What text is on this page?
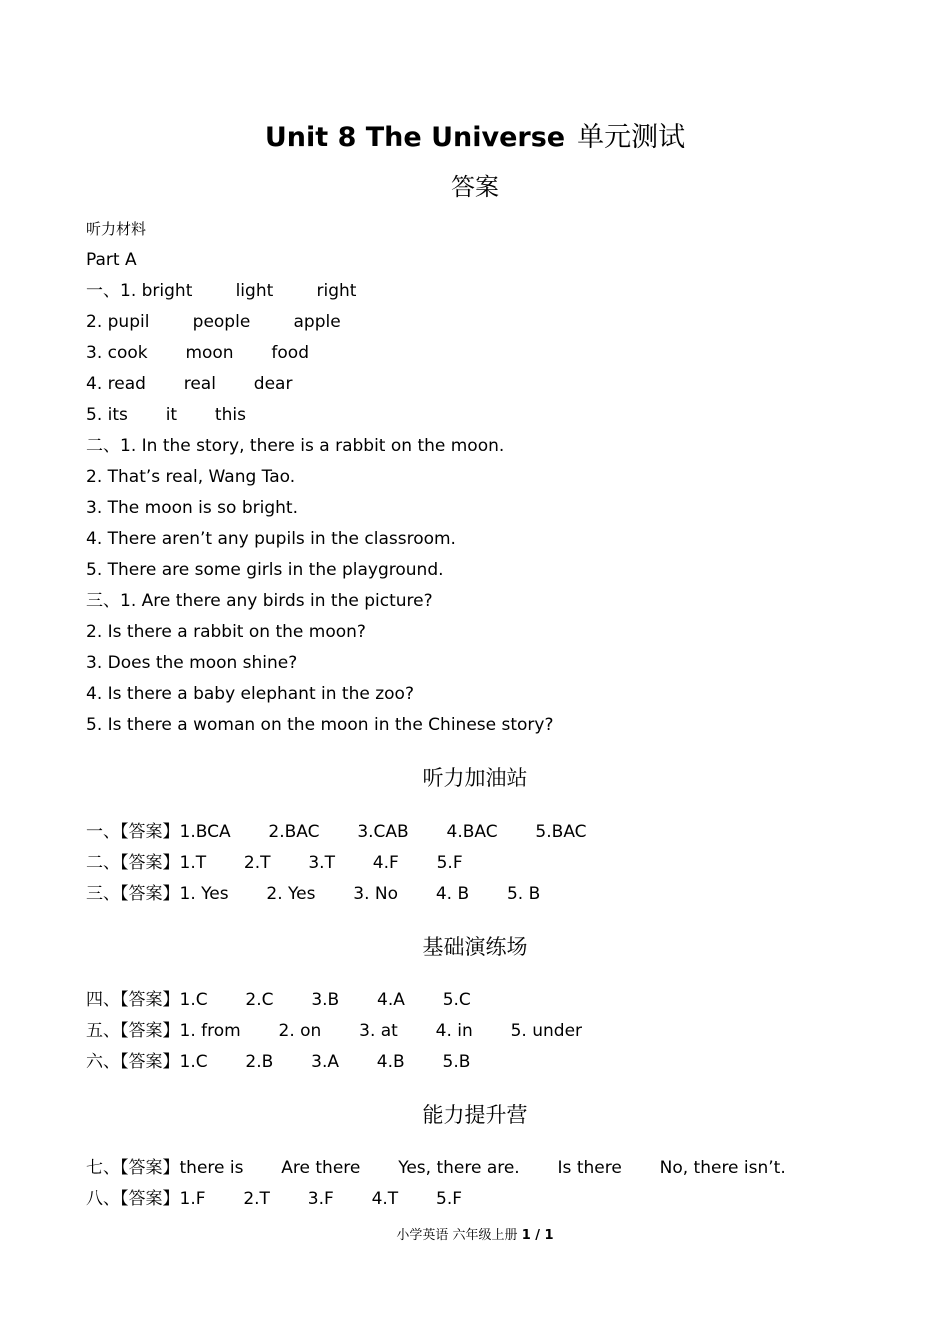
Unit 8 The Universe 单元测试
答案
听力材料
Part A
一、1. bright        light        right
2. pupil        people        apple
3. cook       moon       food
4. read       real       dear
5. its       it       this
二、1. In the story, there is a rabbit on the moon.
2. That’s real, Wang Tao.
3. The moon is so bright.
4. There aren’t any pupils in the classroom.
5. There are some girls in the playground.
三、1. Are there any birds in the picture?
2. Is there a rabbit on the moon?
3. Does the moon shine?
4. Is there a baby elephant in the zoo?
5. Is there a woman on the moon in the Chinese story?
听力加油站
一、【答案】1.BCA       2.BAC       3.CAB       4.BAC       5.BAC
二、【答案】1.T       2.T       3.T       4.F       5.F
三、【答案】1. Yes       2. Yes       3. No       4. B       5. B
基础演练场
四、【答案】1.C       2.C       3.B       4.A       5.C
五、【答案】1. from       2. on       3. at       4. in       5. under
六、【答案】1.C       2.B       3.A       4.B       5.B
能力提升营
七、【答案】there is       Are there       Yes, there are.       Is there       No, there isn’t.
八、【答案】1.F       2.T       3.F       4.T       5.F
小学英语 六年级上册 1 / 1
